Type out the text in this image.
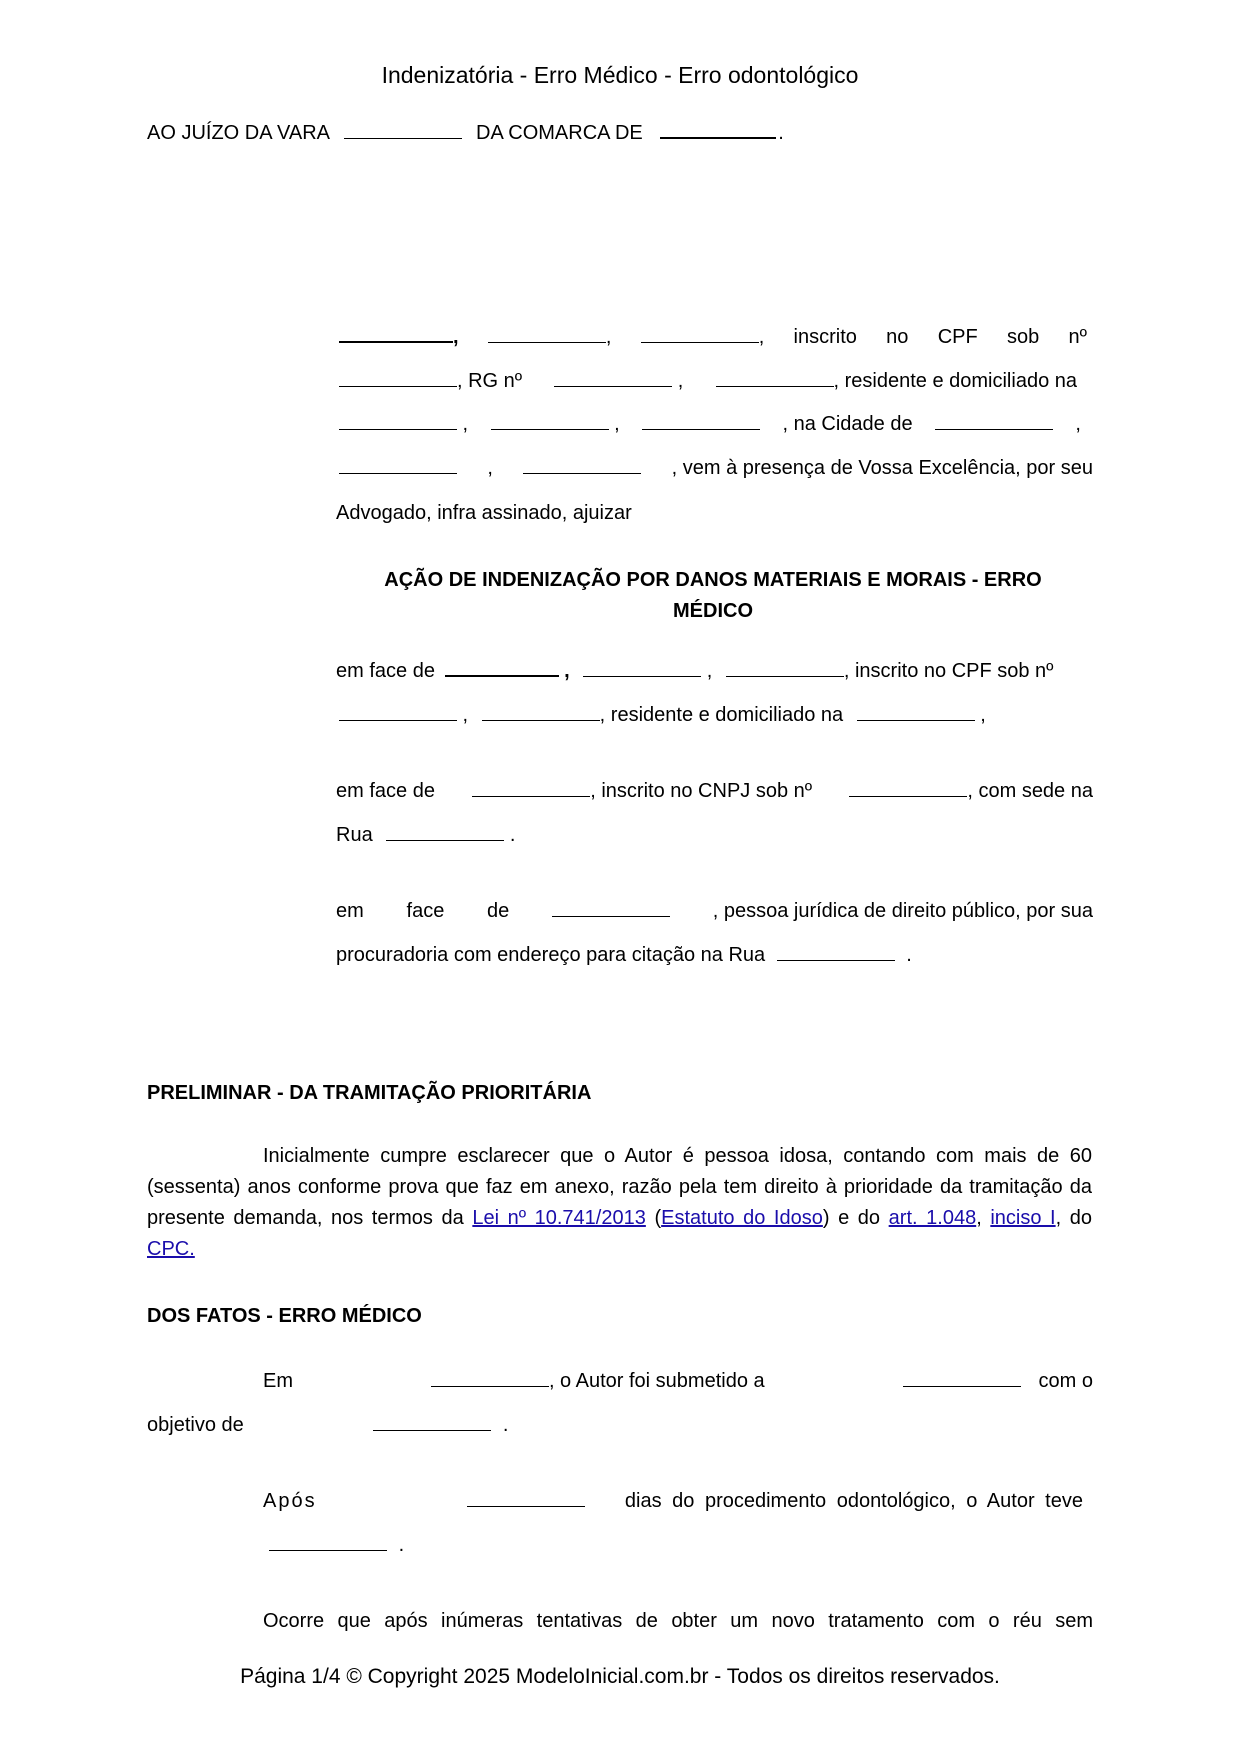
Indenizatória - Erro Médico - Erro odontológico
AO JUÍZO DA VARA	DA COMARCA DE	.
,	,	, inscrito no CPF sob nº
, RG nº	,	, residente e domiciliado na
,	,	, na Cidade de	,
,	, vem à presença de Vossa Excelência, por seu
Advogado, infra assinado, ajuizar
AÇÃO DE INDENIZAÇÃO POR DANOS MATERIAIS E MORAIS - ERRO
MÉDICO
em face de	,	,	, inscrito no CPF sob nº
,	, residente e domiciliado na	,
em face de	, inscrito no CNPJ sob nº	, com sede na
Rua	.
em face de	, pessoa jurídica de direito público, por sua
procuradoria com endereço para citação na Rua	.
PRELIMINAR - DA TRAMITAÇÃO PRIORITÁRIA
Inicialmente cumpre esclarecer que o Autor é pessoa idosa, contando com mais de 60 (sessenta) anos conforme prova que faz em anexo, razão pela tem direito à prioridade da tramitação da presente demanda, nos termos da Lei nº 10.741/2013 (Estatuto do Idoso) e do art. 1.048, inciso I, do CPC.
DOS FATOS - ERRO MÉDICO
Em	, o Autor foi submetido a	com o
objetivo de	.
Após	dias do procedimento odontológico, o Autor teve
.
Ocorre que após inúmeras tentativas de obter um novo tratamento com o réu sem
Página 1/4 © Copyright 2025 ModeloInicial.com.br - Todos os direitos reservados.
